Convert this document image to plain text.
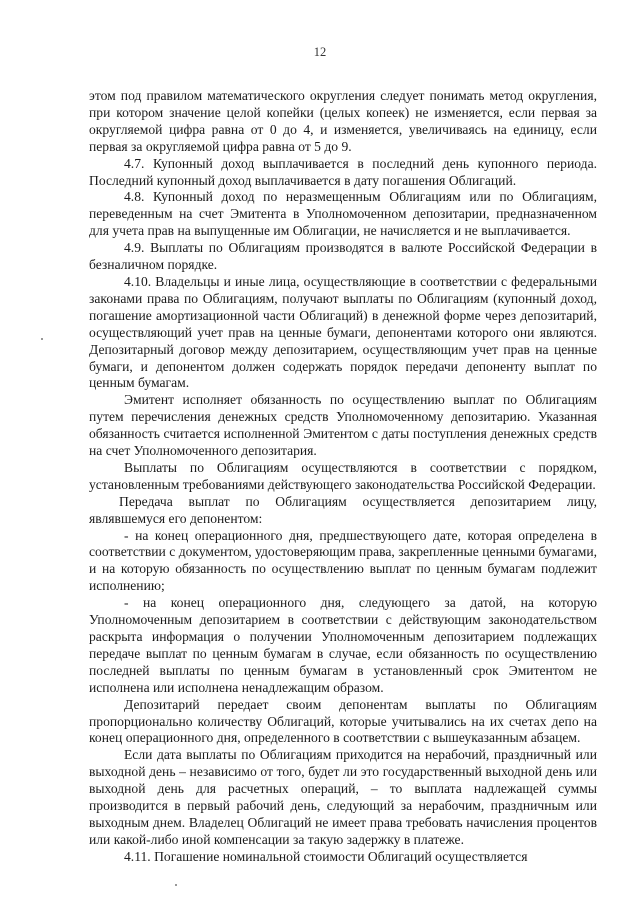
12

этом под правилом математического округления следует понимать метод округления, при котором значение целой копейки (целых копеек) не изменяется, если первая за округляемой цифра равна от 0 до 4, и изменяется, увеличиваясь на единицу, если первая за округляемой цифра равна от 5 до 9.

4.7. Купонный доход выплачивается в последний день купонного периода. Последний купонный доход выплачивается в дату погашения Облигаций.

4.8. Купонный доход по неразмещенным Облигациям или по Облигациям, переведенным на счет Эмитента в Уполномоченном депозитарии, предназначенном для учета прав на выпущенные им Облигации, не начисляется и не выплачивается.

4.9. Выплаты по Облигациям производятся в валюте Российской Федерации в безналичном порядке.

4.10. Владельцы и иные лица, осуществляющие в соответствии с федеральными законами права по Облигациям, получают выплаты по Облигациям (купонный доход, погашение амортизационной части Облигаций) в денежной форме через депозитарий, осуществляющий учет прав на ценные бумаги, депонентами которого они являются. Депозитарный договор между депозитарием, осуществляющим учет прав на ценные бумаги, и депонентом должен содержать порядок передачи депоненту выплат по ценным бумагам.

Эмитент исполняет обязанность по осуществлению выплат по Облигациям путем перечисления денежных средств Уполномоченному депозитарию. Указанная обязанность считается исполненной Эмитентом с даты поступления денежных средств на счет Уполномоченного депозитария.

Выплаты по Облигациям осуществляются в соответствии с порядком, установленным требованиями действующего законодательства Российской Федерации.

Передача выплат по Облигациям осуществляется депозитарием лицу, являвшемуся его депонентом:

- на конец операционного дня, предшествующего дате, которая определена в соответствии с документом, удостоверяющим права, закрепленные ценными бумагами, и на которую обязанность по осуществлению выплат по ценным бумагам подлежит исполнению;

- на конец операционного дня, следующего за датой, на которую Уполномоченным депозитарием в соответствии с действующим законодательством раскрыта информация о получении Уполномоченным депозитарием подлежащих передаче выплат по ценным бумагам в случае, если обязанность по осуществлению последней выплаты по ценным бумагам в установленный срок Эмитентом не исполнена или исполнена ненадлежащим образом.

Депозитарий передает своим депонентам выплаты по Облигациям пропорционально количеству Облигаций, которые учитывались на их счетах депо на конец операционного дня, определенного в соответствии с вышеуказанным абзацем.

Если дата выплаты по Облигациям приходится на нерабочий, праздничный или выходной день – независимо от того, будет ли это государственный выходной день или выходной день для расчетных операций, – то выплата надлежащей суммы производится в первый рабочий день, следующий за нерабочим, праздничным или выходным днем. Владелец Облигаций не имеет права требовать начисления процентов или какой-либо иной компенсации за такую задержку в платеже.

4.11. Погашение номинальной стоимости Облигаций осуществляется
